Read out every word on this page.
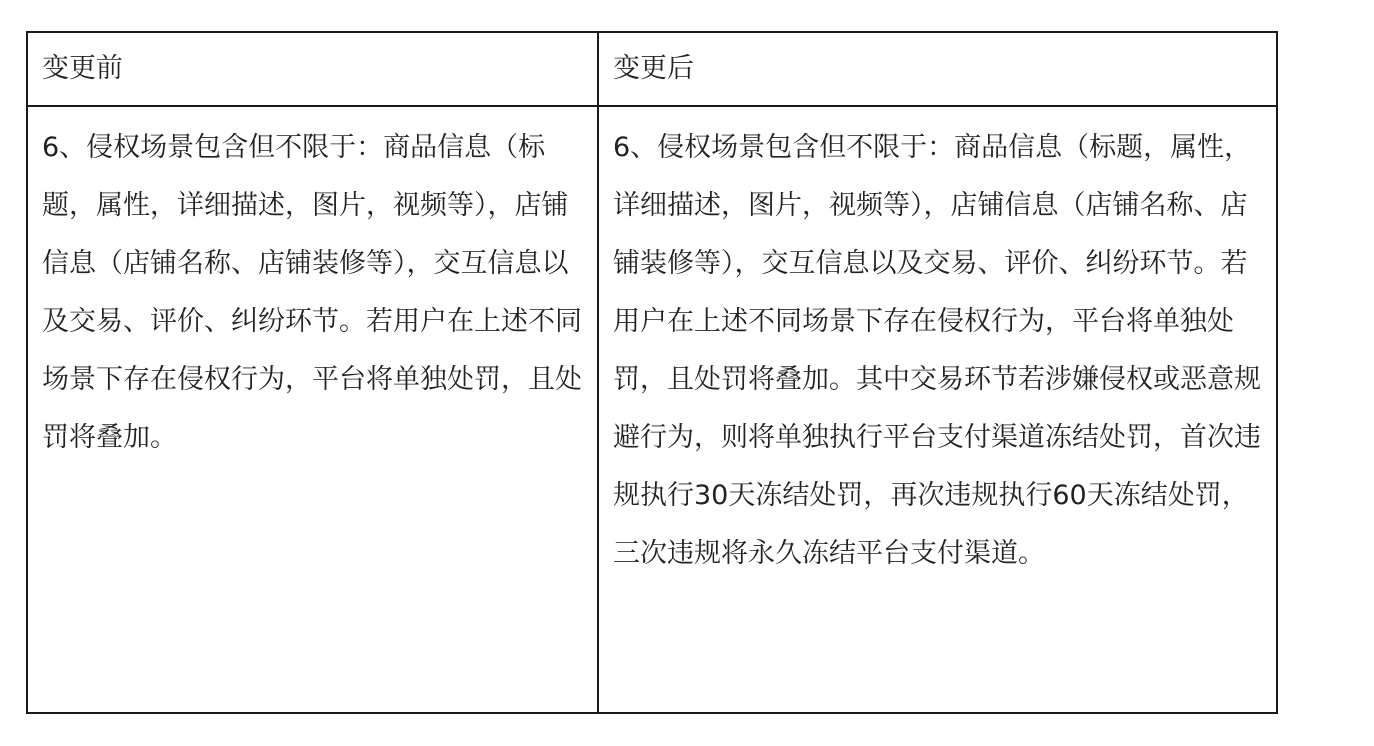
变更前	变更后
6、侵权场景包含但不限于：商品信息（标题，属性，详细描述，图片，视频等），店铺信息（店铺名称、店铺装修等），交互信息以及交易、评价、纠纷环节。若用户在上述不同场景下存在侵权行为，平台将单独处罚，且处罚将叠加。	6、侵权场景包含但不限于：商品信息（标题，属性，详细描述，图片，视频等），店铺信息（店铺名称、店铺装修等），交互信息以及交易、评价、纠纷环节。若用户在上述不同场景下存在侵权行为，平台将单独处罚，且处罚将叠加。其中交易环节若涉嫌侵权或恶意规避行为，则将单独执行平台支付渠道冻结处罚，首次违规执行30天冻结处罚，再次违规执行60天冻结处罚，三次违规将永久冻结平台支付渠道。
